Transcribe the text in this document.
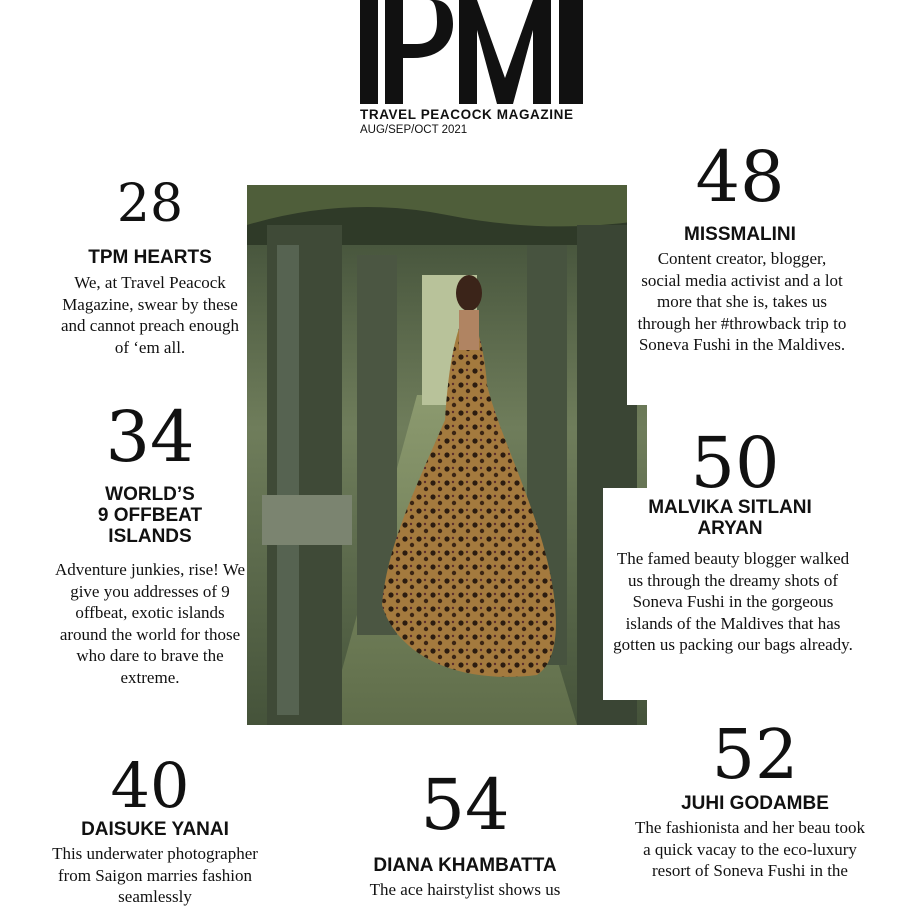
TRAVEL PEACOCK MAGAZINE
AUG/SEP/OCT 2021
28
TPM HEARTS
We, at Travel Peacock Magazine, swear by these and cannot preach enough of ‘em all.
34
WORLD’S
9 OFFBEAT
ISLANDS
Adventure junkies, rise! We give you addresses of 9 offbeat, exotic islands around the world for those who dare to brave the extreme.
48
MISSMALINI
Content creator, blogger, social media activist and a lot more that she is, takes us through her #throwback trip to Soneva Fushi in the Maldives.
50
MALVIKA SITLANI
ARYAN
The famed beauty blogger walked us through the dreamy shots of Soneva Fushi in the gorgeous islands of the Maldives that has gotten us packing our bags already.
40
DAISUKE YANAI
This underwater photographer from Saigon marries fashion seamlessly
54
DIANA KHAMBATTA
The ace hairstylist shows us
52
JUHI GODAMBE
The fashionista and her beau took a quick vacay to the eco-luxury resort of Soneva Fushi in the
